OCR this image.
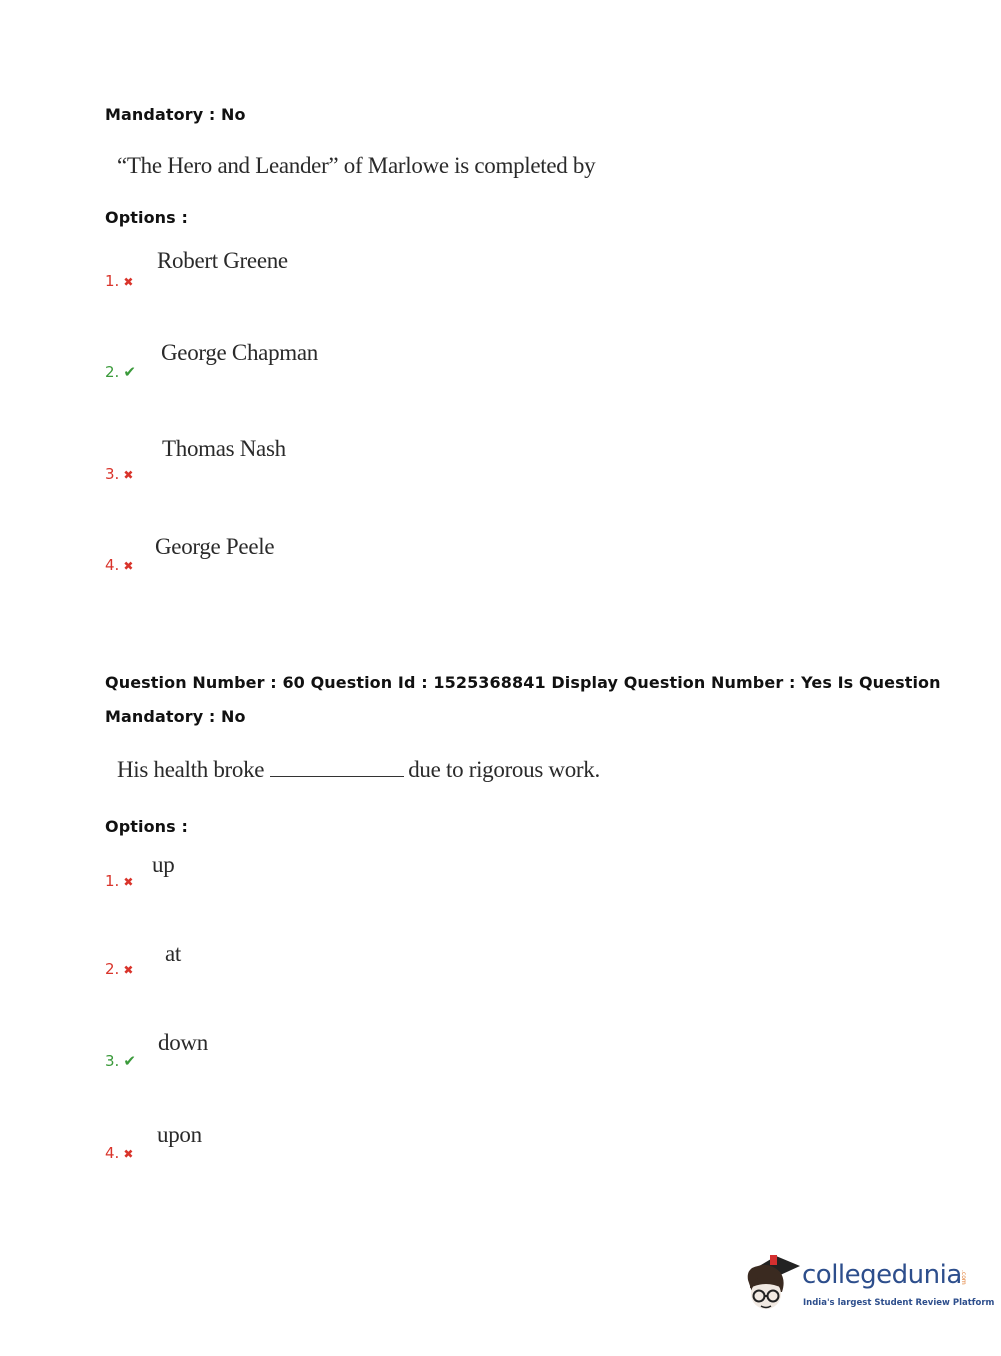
Mandatory : No
“The Hero and Leander” of Marlowe is completed by
Options :
1. ✖
Robert Greene
2. ✔
George Chapman
3. ✖
Thomas Nash
4. ✖
George Peele
Question Number : 60 Question Id : 1525368841 Display Question Number : Yes Is Question
Mandatory : No
His health broke	due to rigorous work.
Options :
1. ✖
up
2. ✖
at
3. ✔
down
4. ✖
upon
collegedunia
.com
India's largest Student Review Platform
